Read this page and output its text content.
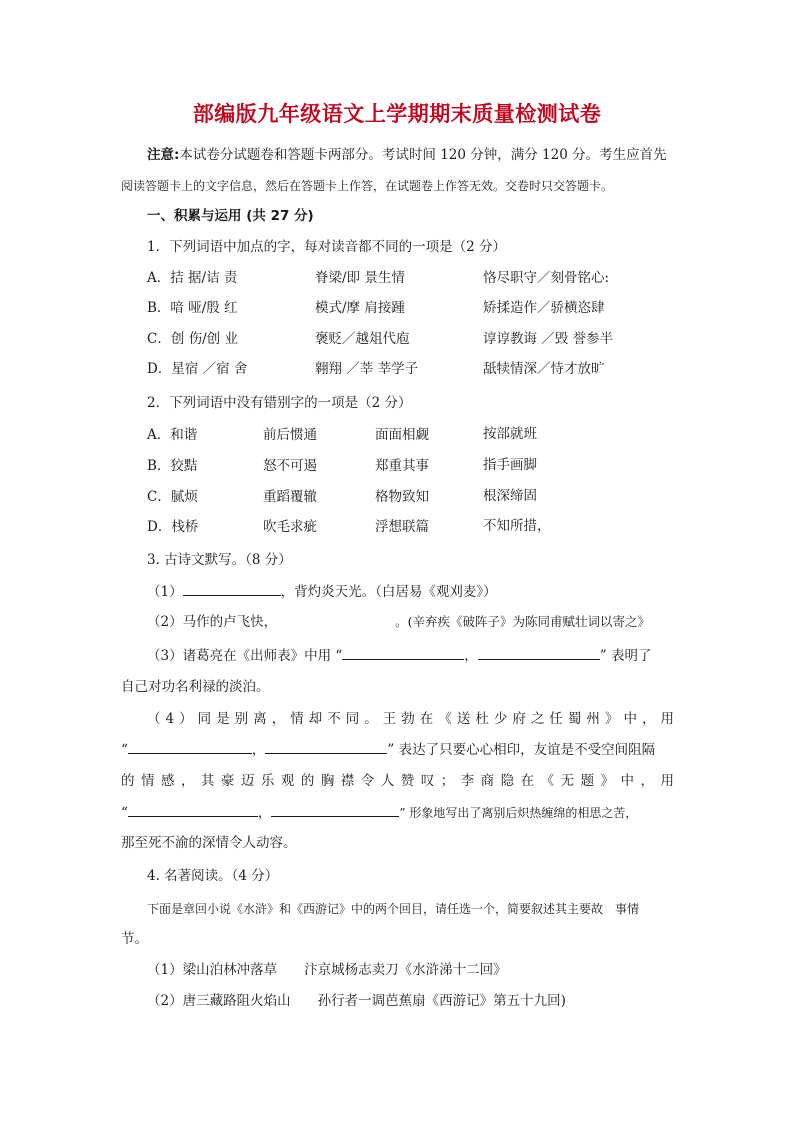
部编版九年级语文上学期期末质量检测试卷
注意:本试卷分试题卷和答题卡两部分。考试时间 120 分钟，满分 120 分。考生应首先
阅读答题卡上的文字信息，然后在答题卡上作答，在试题卷上作答无效。交卷时只交答题卡。
一、积累与运用 (共 27 分)
1．下列词语中加点的字，每对读音都不同的一项是（2 分）
A．拮 据/诘 责	脊梁/即 景生情	恪尽职守／刻骨铭心:
B．喑 哑/殷 红	模式/摩 肩接踵	矫揉造作／骄横恣肆
C．创 伤/创 业	褒贬／越俎代庖	谆谆教诲 ／毁 誉参半
D．星宿 ／宿 舍	翱翔 ／莘 莘学子	舐犊情深／恃才放旷
2．下列词语中没有错别字的一项是（2 分）
A．和谐	前后惯通	面面相觑	按部就班
B．狡黠	怒不可遏	郑重其事	指手画脚
C．腻烦	重蹈覆辙	格物致知	根深缔固
D．栈桥	吹毛求疵	浮想联篇	不知所措，
3. 古诗文默写。（8 分）
（1）	，背灼炎天光。（白居易《观刈麦》）
（2）马作的卢飞快，	。(辛弃疾《破阵子》为陈同甫赋壮词以寄之》
（3）诸葛亮在《出师表》中用 “	，	” 表明了
自己对功名利禄的淡泊。
（4）同是别离，情却不同。王勃在《送杜少府之任蜀州》中，用
“	，	” 表达了只要心心相印，友谊是不受空间阻隔
的情感，其豪迈乐观的胸襟令人赞叹；李商隐在《无题》中，用
“	，	” 形象地写出了离别后炽热缠绵的相思之苦，
那至死不渝的深情令人动容。
4. 名著阅读。（4 分）
下面是章回小说《水浒》和《西游记》中的两个回目，请任选一个，简要叙述其主要故　事情
节。
（1）梁山泊林冲落草　　汴京城杨志卖刀《水浒涕十二回》
（2）唐三藏路阻火焰山　　孙行者一调芭蕉扇《西游记》第五十九回)
